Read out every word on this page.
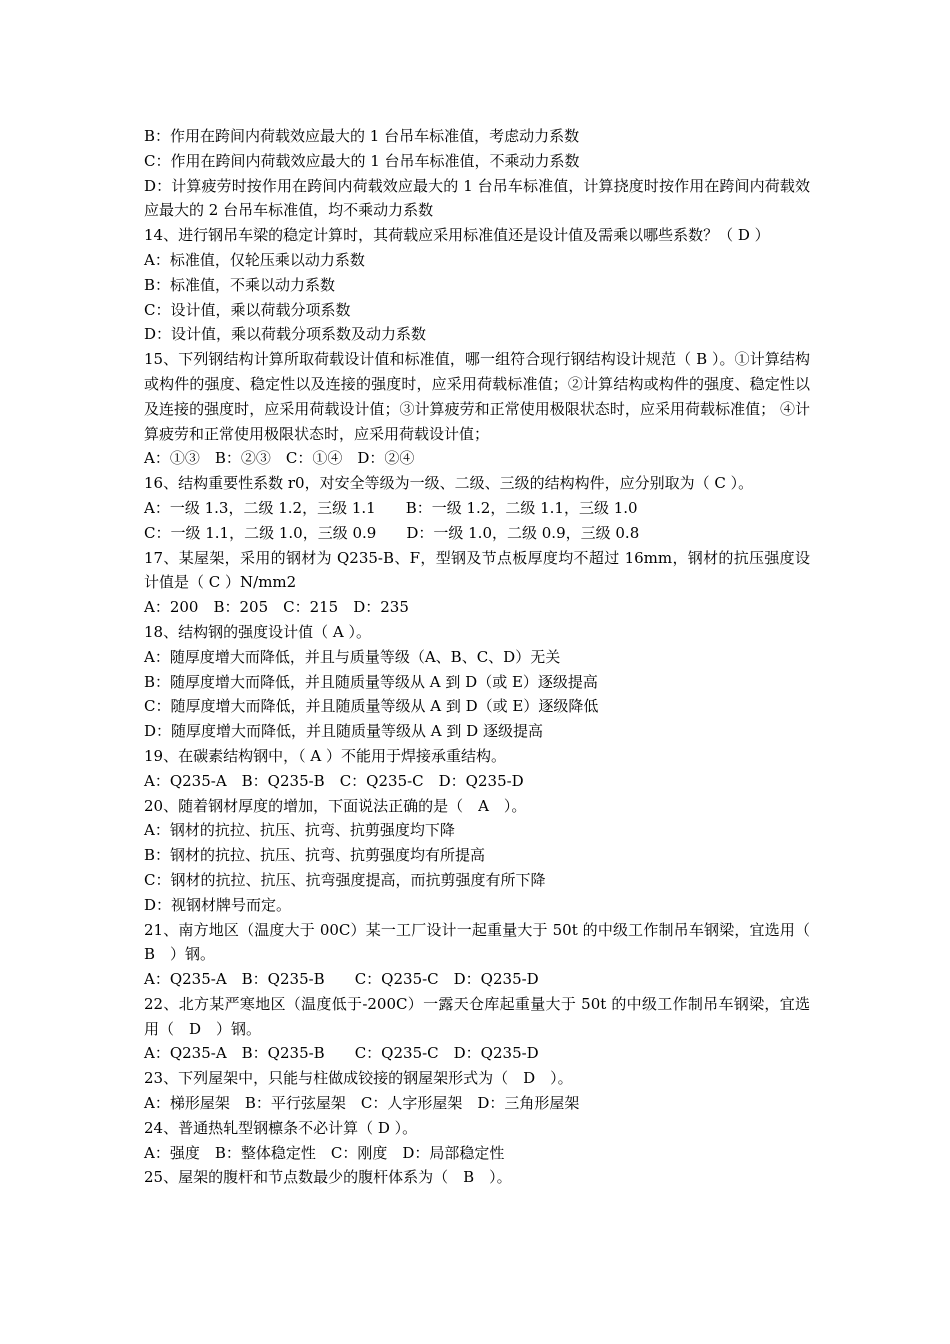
B：作用在跨间内荷载效应最大的 1 台吊车标准值，考虑动力系数

C：作用在跨间内荷载效应最大的 1 台吊车标准值，不乘动力系数

D：计算疲劳时按作用在跨间内荷载效应最大的 1 台吊车标准值，计算挠度时按作用在跨间内荷载效应最大的 2 台吊车标准值，均不乘动力系数

14、进行钢吊车梁的稳定计算时，其荷载应采用标准值还是设计值及需乘以哪些系数？（ D ）

A：标准值，仅轮压乘以动力系数

B：标准值，不乘以动力系数

C：设计值，乘以荷载分项系数

D：设计值，乘以荷载分项系数及动力系数

15、下列钢结构计算所取荷载设计值和标准值，哪一组符合现行钢结构设计规范（ B ）。①计算结构或构件的强度、稳定性以及连接的强度时，应采用荷载标准值；②计算结构或构件的强度、稳定性以及连接的强度时，应采用荷载设计值；③计算疲劳和正常使用极限状态时，应采用荷载标准值； ④计算疲劳和正常使用极限状态时，应采用荷载设计值；

A：①③　B：②③　C：①④　D：②④

16、结构重要性系数 r0，对安全等级为一级、二级、三级的结构构件，应分别取为（ C ）。

A：一级 1.3，二级 1.2，三级 1.1　　B：一级 1.2，二级 1.1，三级 1.0

C：一级 1.1，二级 1.0，三级 0.9　　D：一级 1.0，二级 0.9，三级 0.8

17、某屋架，采用的钢材为 Q235-B、F，型钢及节点板厚度均不超过 16mm，钢材的抗压强度设计值是（ C ）N/mm2

A：200　B：205　C：215　D：235

18、结构钢的强度设计值（ A ）。

A：随厚度增大而降低，并且与质量等级（A、B、C、D）无关

B：随厚度增大而降低，并且随质量等级从 A 到 D（或 E）逐级提高

C：随厚度增大而降低，并且随质量等级从 A 到 D（或 E）逐级降低

D：随厚度增大而降低，并且随质量等级从 A 到 D 逐级提高

19、在碳素结构钢中，（ A ）不能用于焊接承重结构。

A：Q235-A　B：Q235-B　C：Q235-C　D：Q235-D

20、随着钢材厚度的增加，下面说法正确的是（　A　）。

A：钢材的抗拉、抗压、抗弯、抗剪强度均下降

B：钢材的抗拉、抗压、抗弯、抗剪强度均有所提高

C：钢材的抗拉、抗压、抗弯强度提高，而抗剪强度有所下降

D：视钢材牌号而定。

21、南方地区（温度大于 00C）某一工厂设计一起重量大于 50t 的中级工作制吊车钢梁，宜选用（　B　）钢。

A：Q235-A　B：Q235-B　　C：Q235-C　D：Q235-D

22、北方某严寒地区（温度低于-200C）一露天仓库起重量大于 50t 的中级工作制吊车钢梁，宜选用（　D　）钢。

A：Q235-A　B：Q235-B　　C：Q235-C　D：Q235-D

23、下列屋架中，只能与柱做成铰接的钢屋架形式为（　D　）。

A：梯形屋架　B：平行弦屋架　C：人字形屋架　D：三角形屋架

24、普通热轧型钢檩条不必计算（ D ）。

A：强度　B：整体稳定性　C：刚度　D：局部稳定性

25、屋架的腹杆和节点数最少的腹杆体系为（　B　）。
